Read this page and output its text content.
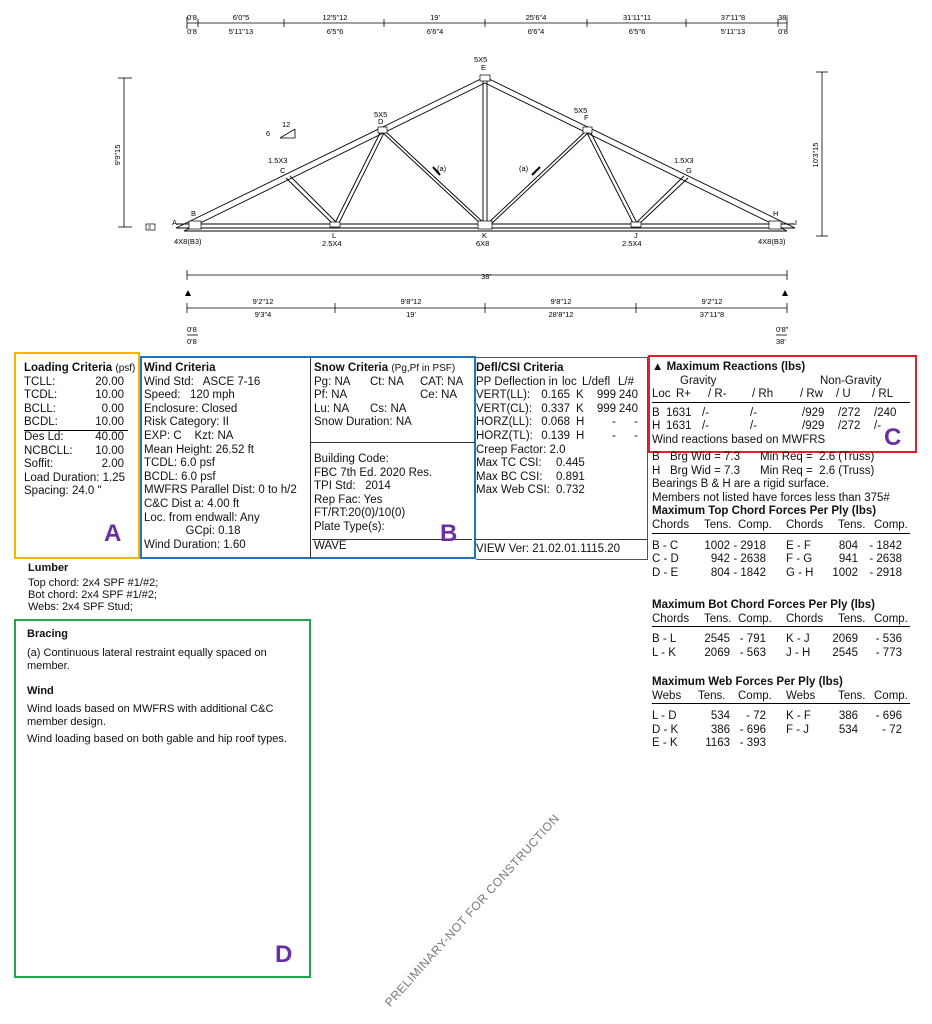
0'8	6'0"5	12'5"12	19'	25'6"4	31'11"11	37'11"8	38'
0'8	5'11"13	6'5"6	6'6"4	6'6"4	6'5"6	5'11"13	0'8
9'9"15	10'3"15
(a)	(a)
12
6
A
B
C
D
E
F
G
H
I
L	K	J
5X5
5X5	5X5
1.5X3	1.5X3
4X8(B3)	4X8(B3)
2.5X4	6X8	2.5X4
3
38'
9'2"12	9'8"12	9'8"12	9'2"12
9'3"4	19'	28'8"12	37'11"8
0'8
0'8
0'8"
38'
Loading Criteria (psf)
TCLL:	20.00
TCDL:	10.00
BCLL:	0.00
BCDL:	10.00
Des Ld:	40.00
NCBCLL:	10.00
Soffit:	2.00
Load Duration: 1.25
Spacing: 24.0 "
A
Wind Criteria
Wind Std:   ASCE 7-16
Speed:   120 mph
Enclosure: Closed
Risk Category: II
EXP: C    Kzt: NA
Mean Height: 26.52 ft
TCDL: 6.0 psf
BCDL: 6.0 psf
MWFRS Parallel Dist: 0 to h/2
C&C Dist a: 4.00 ft
Loc. from endwall: Any
GCpi: 0.18
Wind Duration: 1.60
Snow Criteria (Pg,Pf in PSF)
Pg: NA	Ct: NA	CAT: NA
Pf: NA	Ce: NA
Lu: NA	Cs: NA
Snow Duration: NA
Building Code:
FBC 7th Ed. 2020 Res.
TPI Std:   2014
Rep Fac: Yes
FT/RT:20(0)/10(0)
Plate Type(s):
WAVE	B
Defl/CSI Criteria
PP Deflection in loc L/defl L/#
VERT(LL): 0.165 K	999 240
VERT(CL): 0.337 K	999 240
HORZ(LL): 0.068 H	-	-
HORZ(TL): 0.139 H	-	-
Creep Factor: 2.0
Max TC CSI:	0.445
Max BC CSI:	0.891
Max Web CSI: 0.732
VIEW Ver: 21.02.01.1115.20
▲ Maximum Reactions (lbs)
Gravity	Non-Gravity
Loc R+	/ R-	/ Rh	/ Rw	/ U	/ RL
B 1631 /-	/-	/929	/272	/240
H 1631 /-	/-	/929	/272	/-
Wind reactions based on MWFRS	C
B Brg Wid = 7.3	Min Req =  2.6 (Truss)
H Brg Wid = 7.3	Min Req =  2.6 (Truss)
Bearings B & H are a rigid surface.
Members not listed have forces less than 375#
Maximum Top Chord Forces Per Ply (lbs)
Chords	Tens. Comp.	Chords	Tens. Comp.
B - C	1002 - 2918 E - F	804 - 1842
C - D	942 - 2638 F - G	941 - 2638
D - E	804 - 1842 G - H	1002 - 2918
Maximum Bot Chord Forces Per Ply (lbs)
Chords	Tens. Comp.	Chords	Tens. Comp.
B - L	2545 - 791 K - J	2069	- 536
L - K	2069 - 563 J - H	2545	- 773
Maximum Web Forces Per Ply (lbs)
Webs	Tens.	Comp.	Webs	Tens. Comp.
L - D	534	- 72 K - F	386	- 696
D - K	386 - 696 F - J	534	- 72
E - K	1163 - 393
Lumber
Top chord: 2x4 SPF #1/#2;
Bot chord: 2x4 SPF #1/#2;
Webs: 2x4 SPF Stud;
Bracing
(a) Continuous lateral restraint equally spaced on member.
Wind
Wind loads based on MWFRS with additional C&C member design.
Wind loading based on both gable and hip roof types.
D	PRELIMINARY-NOT FOR CONSTRUCTION
